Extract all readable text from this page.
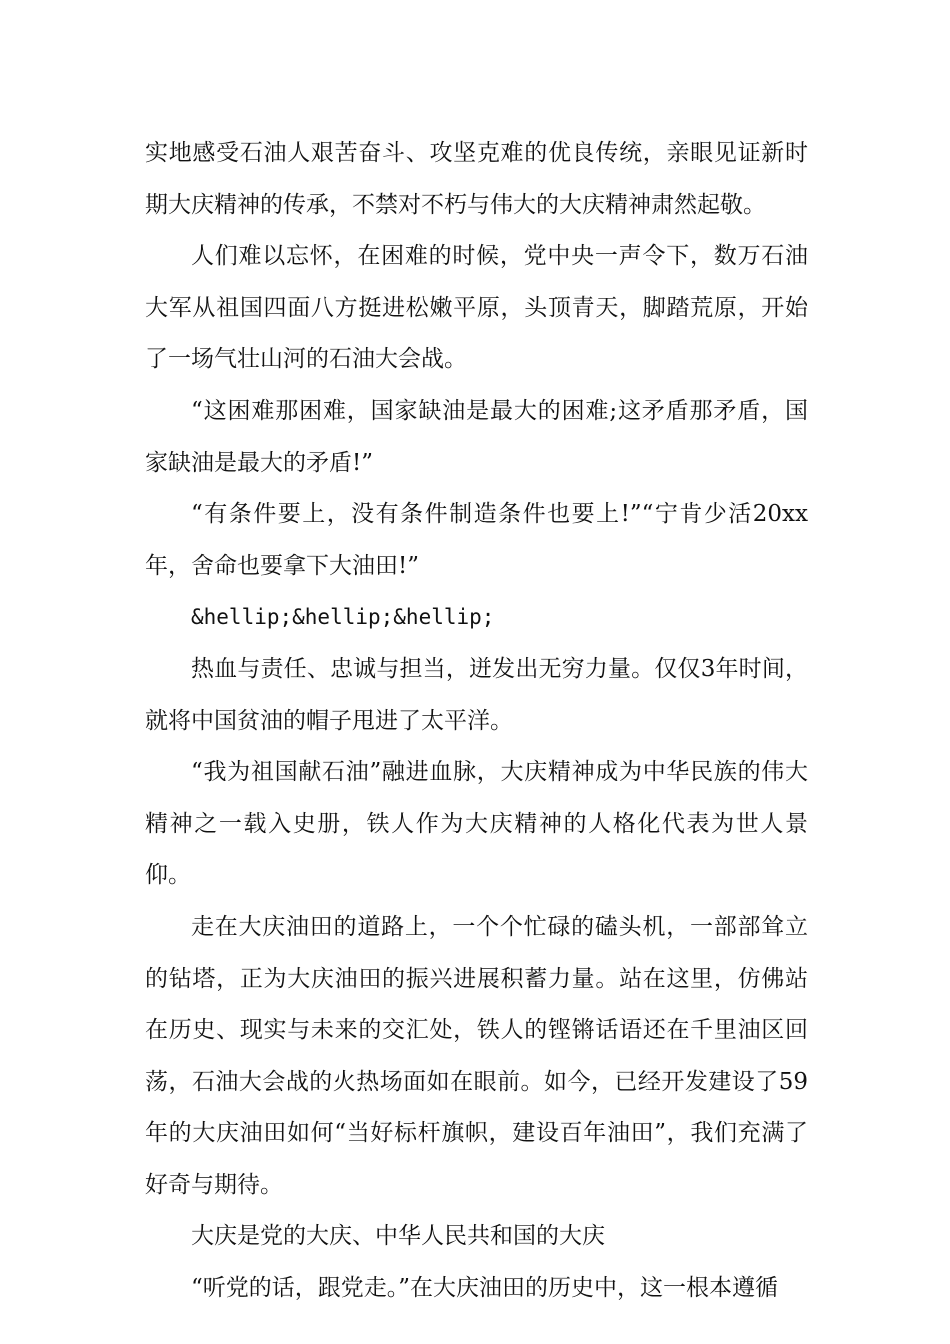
实地感受石油人艰苦奋斗、攻坚克难的优良传统，亲眼见证新时期大庆精神的传承，不禁对不朽与伟大的大庆精神肃然起敬。

人们难以忘怀，在困难的时候，党中央一声令下，数万石油大军从祖国四面八方挺进松嫩平原，头顶青天，脚踏荒原，开始了一场气壮山河的石油大会战。

“这困难那困难，国家缺油是最大的困难;这矛盾那矛盾，国家缺油是最大的矛盾!”

“有条件要上，没有条件制造条件也要上!”“宁肯少活20xx年，舍命也要拿下大油田!”

&hellip;&hellip;&hellip;

热血与责任、忠诚与担当，迸发出无穷力量。仅仅3年时间，就将中国贫油的帽子甩进了太平洋。

“我为祖国献石油”融进血脉，大庆精神成为中华民族的伟大精神之一载入史册，铁人作为大庆精神的人格化代表为世人景仰。

走在大庆油田的道路上，一个个忙碌的磕头机，一部部耸立的钻塔，正为大庆油田的振兴进展积蓄力量。站在这里，仿佛站在历史、现实与未来的交汇处，铁人的铿锵话语还在千里油区回荡，石油大会战的火热场面如在眼前。如今，已经开发建设了59年的大庆油田如何“当好标杆旗帜，建设百年油田”，我们充满了好奇与期待。

大庆是党的大庆、中华人民共和国的大庆

“听党的话，跟党走。”在大庆油田的历史中，这一根本遵循
